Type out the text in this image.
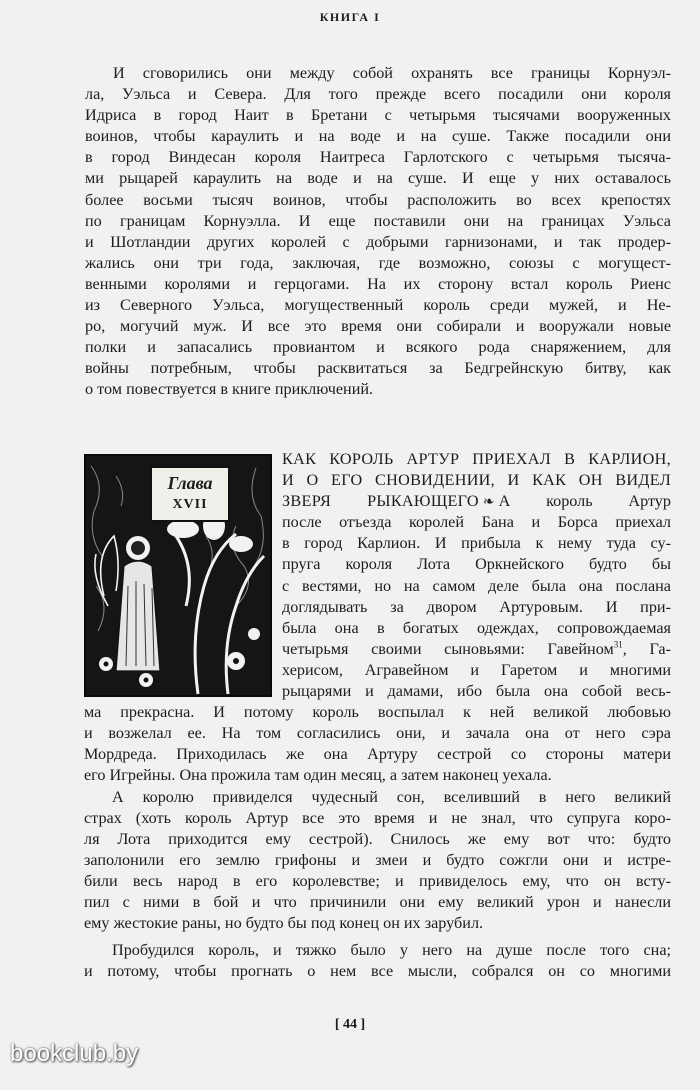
КНИГА I
И сговорились они между собой охранять все границы Корнуэл-
ла, Уэльса и Севера. Для того прежде всего посадили они короля
Идриса в город Наит в Бретани с четырьмя тысячами вооруженных
воинов, чтобы караулить и на воде и на суше. Также посадили они
в город Виндесан короля Наитреса Гарлотского с четырьмя тысяча-
ми рыцарей караулить на воде и на суше. И еще у них оставалось
более восьми тысяч воинов, чтобы расположить во всех крепостях
по границам Корнуэлла. И еще поставили они на границах Уэльса
и Шотландии других королей с добрыми гарнизонами, и так продер-
жались они три года, заключая, где возможно, союзы с могущест-
венными королями и герцогами. На их сторону встал король Риенс
из Северного Уэльса, могущественный король среди мужей, и Не-
ро, могучий муж. И все это время они собирали и вооружали новые
полки и запасались провиантом и всякого рода снаряжением, для
войны потребным, чтобы расквитаться за Бедгрейнскую битву, как
о том повествуется в книге приключений.
Глава
XVII
КАК КОРОЛЬ АРТУР ПРИЕХАЛ В КАРЛИОН,
И О ЕГО СНОВИДЕНИИ, И КАК ОН ВИДЕЛ
ЗВЕРЯ РЫКАЮЩЕГО ❧ А король Артур
после отъезда королей Бана и Борса приехал
в город Карлион. И прибыла к нему туда су-
пруга короля Лота Оркнейского будто бы
с вестями, но на самом деле была она послана
доглядывать за двором Артуровым. И при-
была она в богатых одеждах, сопровождаемая
четырьмя своими сыновьями: Гавейном$^{31}$, Га-
херисом, Агравейном и Гаретом и многими
рыцарями и дамами, ибо была она собой весь-
ма прекрасна. И потому король воспылал к ней великой любовью
и возжелал ее. На том согласились они, и зачала она от него сэра
Мордреда. Приходилась же она Артуру сестрой со стороны матери
его Игрейны. Она прожила там один месяц, а затем наконец уехала.
А королю привиделся чудесный сон, вселивший в него великий
страх (хоть король Артур все это время и не знал, что супруга коро-
ля Лота приходится ему сестрой). Снилось же ему вот что: будто
заполонили его землю грифоны и змеи и будто сожгли они и истре-
били весь народ в его королевстве; и привиделось ему, что он всту-
пил с ними в бой и что причинили они ему великий урон и нанесли
ему жестокие раны, но будто бы под конец он их зарубил.
Пробудился король, и тяжко было у него на душе после того сна;
и потому, чтобы прогнать о нем все мысли, собрался он со многими
[ 44 ]
bookclub.by
